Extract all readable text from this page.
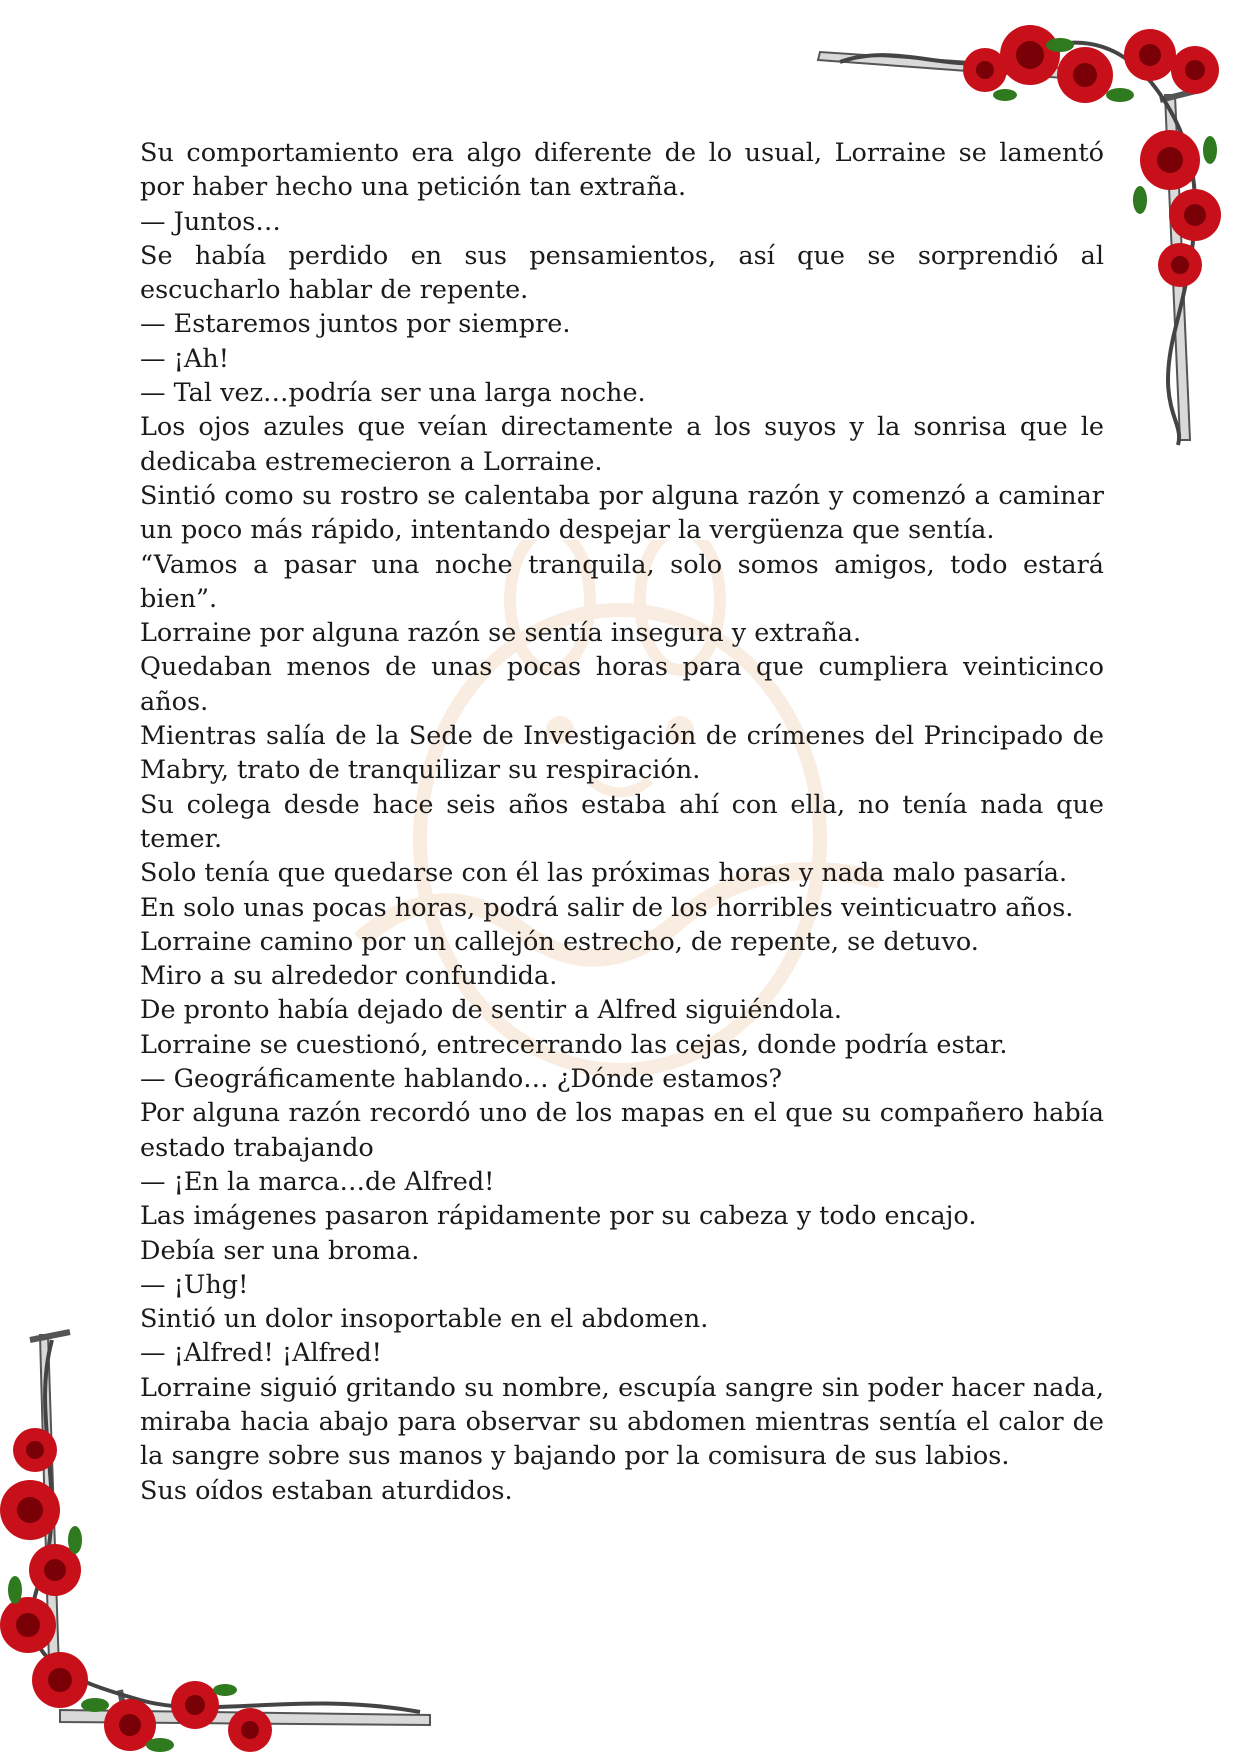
Su comportamiento era algo diferente de lo usual, Lorraine se lamentó por haber hecho una petición tan extraña.

— Juntos…

Se había perdido en sus pensamientos, así que se sorprendió al escucharlo hablar de repente.

— Estaremos juntos por siempre.

— ¡Ah!

— Tal vez…podría ser una larga noche.

Los ojos azules que veían directamente a los suyos y la sonrisa que le dedicaba estremecieron a Lorraine.

Sintió como su rostro se calentaba por alguna razón y comenzó a caminar un poco más rápido, intentando despejar la vergüenza que sentía.

“Vamos a pasar una noche tranquila, solo somos amigos, todo estará bien”.

Lorraine por alguna razón se sentía insegura y extraña.

Quedaban menos de unas pocas horas para que cumpliera veinticinco años.

Mientras salía de la Sede de Investigación de crímenes del Principado de Mabry, trato de tranquilizar su respiración.

Su colega desde hace seis años estaba ahí con ella, no tenía nada que temer.

Solo tenía que quedarse con él las próximas horas y nada malo pasaría.

En solo unas pocas horas, podrá salir de los horribles veinticuatro años.

Lorraine camino por un callejón estrecho, de repente, se detuvo.

Miro a su alrededor confundida.

De pronto había dejado de sentir a Alfred siguiéndola.

Lorraine se cuestionó, entrecerrando las cejas, donde podría estar.

— Geográficamente hablando… ¿Dónde estamos?

Por alguna razón recordó uno de los mapas en el que su compañero había estado trabajando

— ¡En la marca…de Alfred!

Las imágenes pasaron rápidamente por su cabeza y todo encajo.

Debía ser una broma.

— ¡Uhg!

Sintió un dolor insoportable en el abdomen.

— ¡Alfred! ¡Alfred!

Lorraine siguió gritando su nombre, escupía sangre sin poder hacer nada, miraba hacia abajo para observar su abdomen mientras sentía el calor de la sangre sobre sus manos y bajando por la comisura de sus labios.

Sus oídos estaban aturdidos.
